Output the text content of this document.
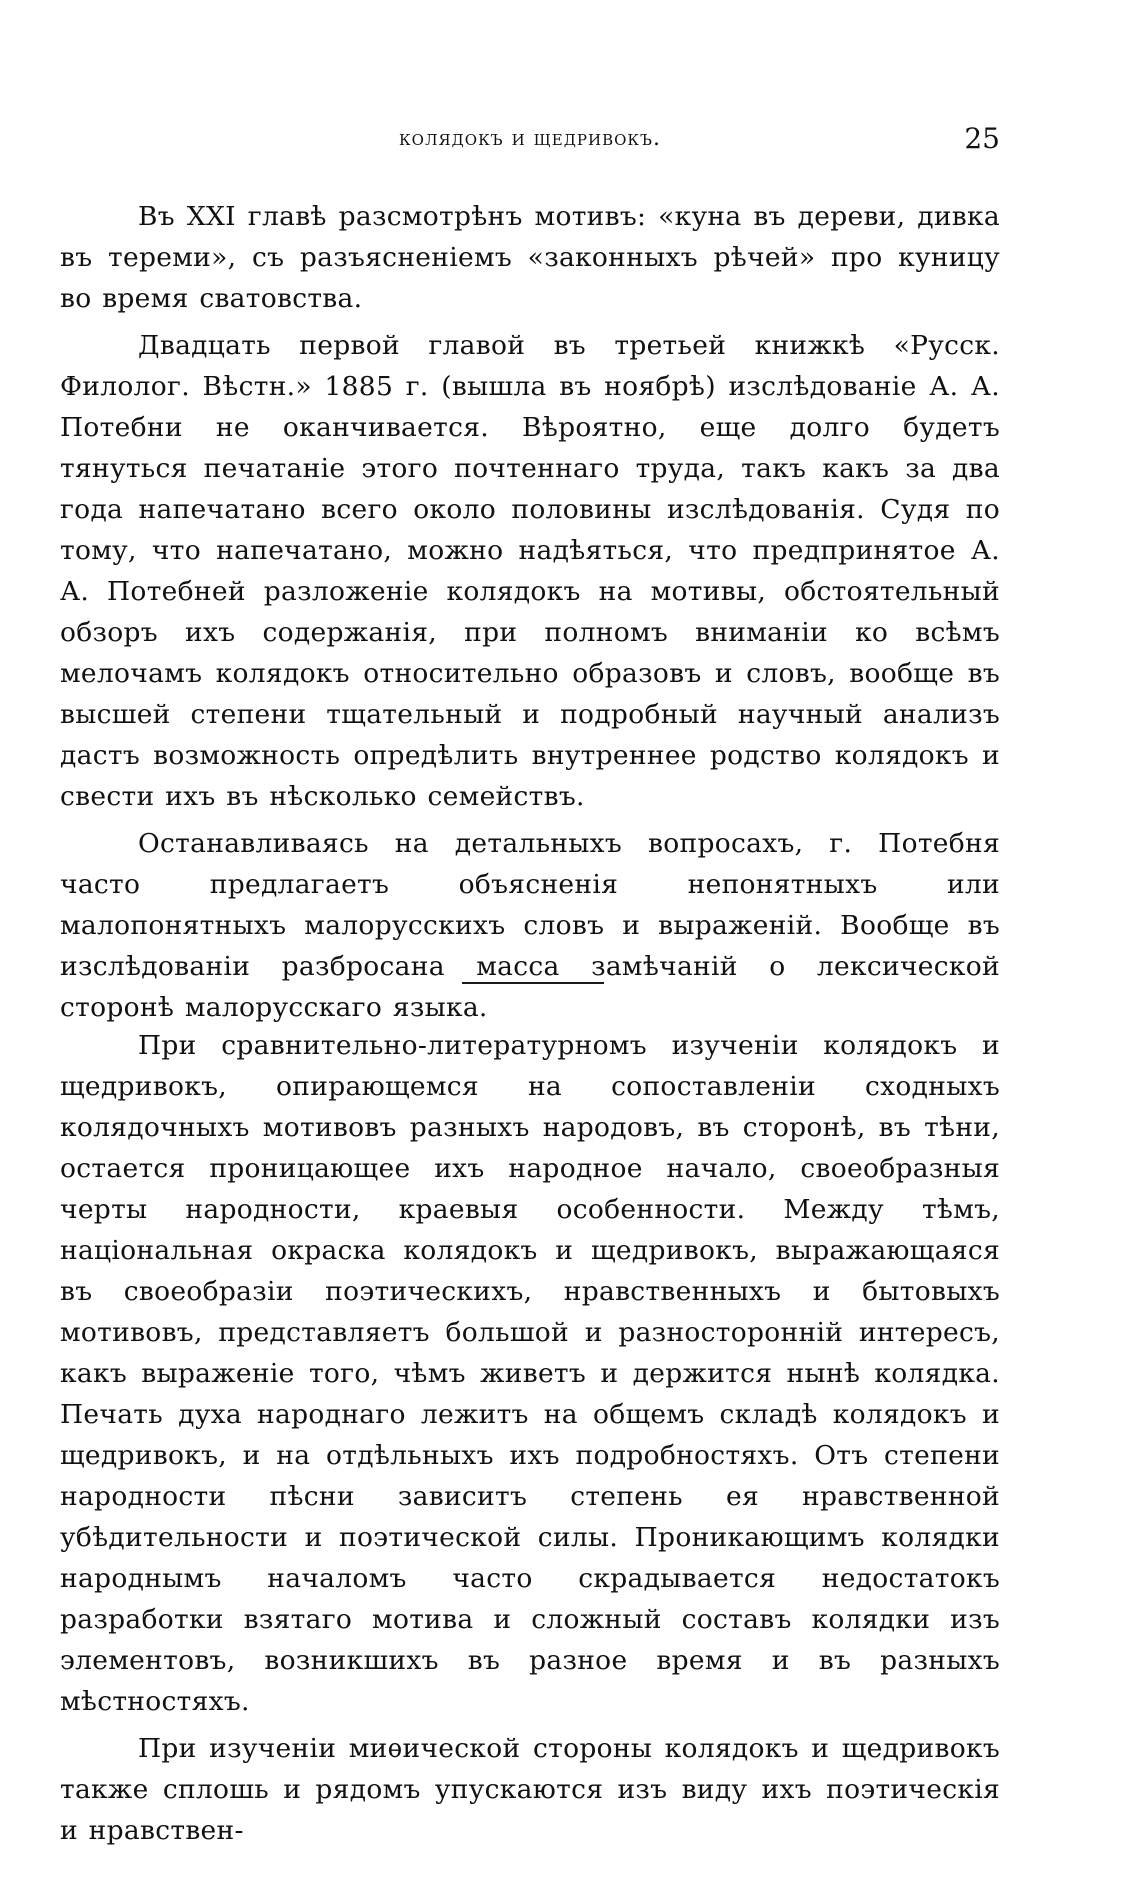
колядокъ и щедривокъ.	25

Въ XXI главѣ разсмотрѣнъ мотивъ: «куна въ дереви, дивка въ тереми», съ разъясненіемъ «законныхъ рѣчей» про куницу во время сватовства.

Двадцать первой главой въ третьей книжкѣ «Русск. Филолог. Вѣстн.» 1885 г. (вышла въ ноябрѣ) изслѣдованіе А. А. Потебни не оканчивается. Вѣроятно, еще долго будетъ тянуться печатаніе этого почтеннаго труда, такъ какъ за два года напечатано всего около половины изслѣдованія. Судя по тому, что напечатано, можно надѣяться, что предпринятое А. А. Потебней разложеніе колядокъ на мотивы, обстоятельный обзоръ ихъ содержанія, при полномъ вниманіи ко всѣмъ мелочамъ колядокъ относительно образовъ и словъ, вообще въ высшей степени тщательный и подробный научный анализъ дастъ возможность опредѣлить внутреннее родство колядокъ и свести ихъ въ нѣсколько семействъ.

Останавливаясь на детальныхъ вопросахъ, г. Потебня часто предлагаетъ объясненія непонятныхъ или малопонятныхъ малорусскихъ словъ и выраженій. Вообще въ изслѣдованіи разбросана масса замѣчаній о лексической сторонѣ малорусскаго языка.

При сравнительно-литературномъ изученіи колядокъ и щедривокъ, опирающемся на сопоставленіи сходныхъ колядочныхъ мотивовъ разныхъ народовъ, въ сторонѣ, въ тѣни, остается проницающее ихъ народное начало, своеобразныя черты народности, краевыя особенности. Между тѣмъ, національная окраска колядокъ и щедривокъ, выражающаяся въ своеобразіи поэтическихъ, нравственныхъ и бытовыхъ мотивовъ, представляетъ большой и разносторонній интересъ, какъ выраженіе того, чѣмъ живетъ и держится нынѣ колядка. Печать духа народнаго лежитъ на общемъ складѣ колядокъ и щедривокъ, и на отдѣльныхъ ихъ подробностяхъ. Отъ степени народности пѣсни зависитъ степень ея нравственной убѣдительности и поэтической силы. Проникающимъ колядки народнымъ началомъ часто скрадывается недостатокъ разработки взятаго мотива и сложный составъ колядки изъ элементовъ, возникшихъ въ разное время и въ разныхъ мѣстностяхъ.

При изученіи миѳической стороны колядокъ и щедривокъ также сплошь и рядомъ упускаются изъ виду ихъ поэтическія и нравствен-
